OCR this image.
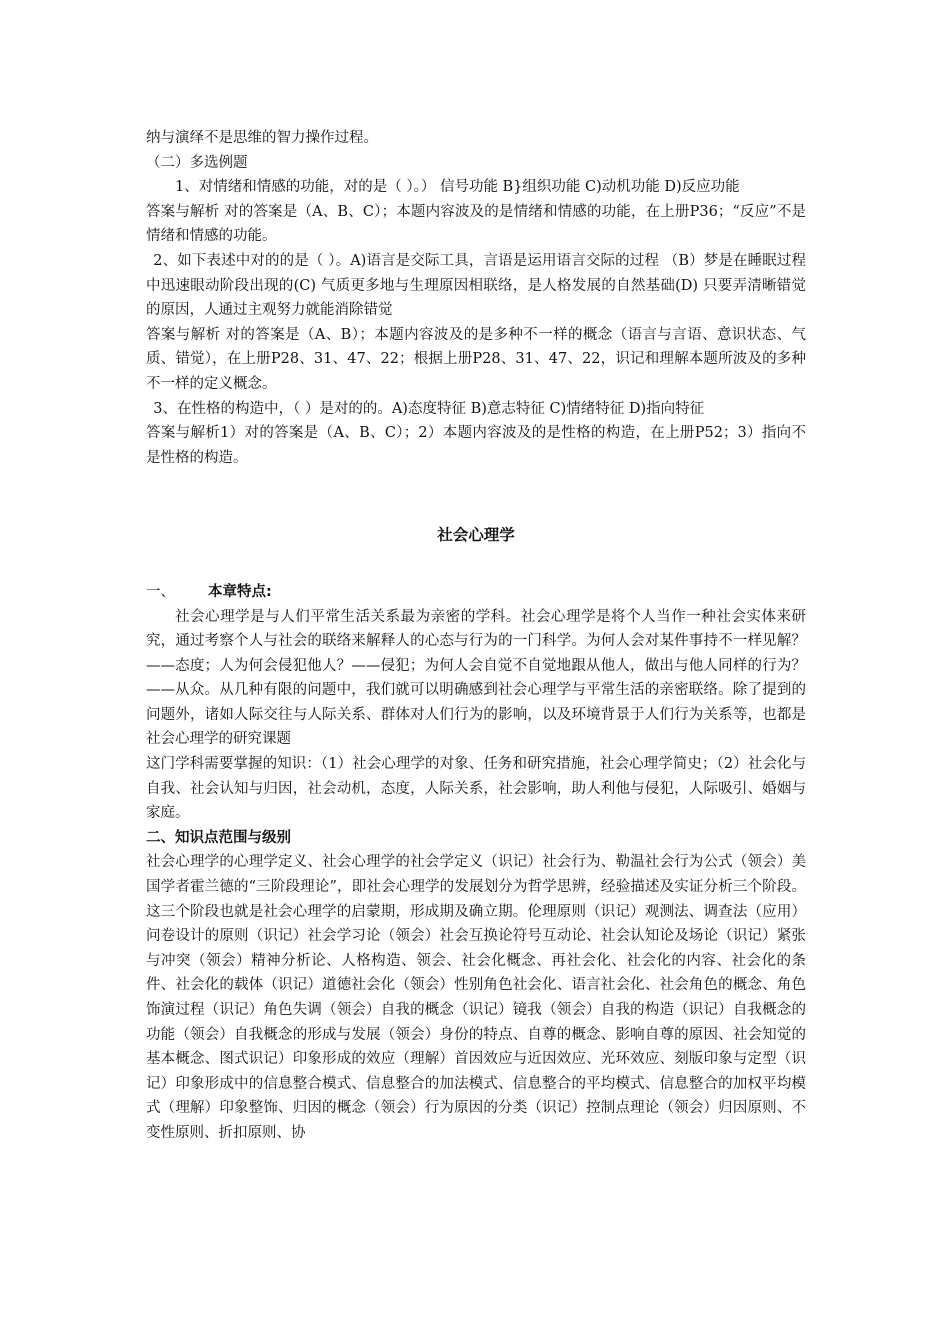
纳与演绎不是思维的智力操作过程。

（二）多选例题

1、对情绪和情感的功能，对的是（ ）。） 信号功能 B}组织功能 C)动机功能 D)反应功能

答案与解析 对的答案是（A、B、C）；本题内容波及的是情绪和情感的功能，在上册P36；“反应”不是情绪和情感的功能。

2、如下表述中对的的是（ ）。A)语言是交际工具，言语是运用语言交际的过程 （B）梦是在睡眠过程中迅速眼动阶段出现的(C) 气质更多地与生理原因相联络，是人格发展的自然基础(D) 只要弄清晰错觉的原因，人通过主观努力就能消除错觉

答案与解析 对的答案是（A、B）；本题内容波及的是多种不一样的概念（语言与言语、意识状态、气质、错觉），在上册P28、31、47、22；根据上册P28、31、47、22，识记和理解本题所波及的多种不一样的定义概念。

3、在性格的构造中，（ ）是对的的。A)态度特征 B)意志特征 C)情绪特征 D)指向特征

答案与解析1）对的答案是（A、B、C）；2）本题内容波及的是性格的构造，在上册P52；3）指向不是性格的构造。

社会心理学

一、 本章特点:

社会心理学是与人们平常生活关系最为亲密的学科。社会心理学是将个人当作一种社会实体来研究，通过考察个人与社会的联络来解释人的心态与行为的一门科学。为何人会对某件事持不一样见解？——态度；人为何会侵犯他人？——侵犯；为何人会自觉不自觉地跟从他人，做出与他人同样的行为？——从众。从几种有限的问题中，我们就可以明确感到社会心理学与平常生活的亲密联络。除了提到的问题外，诸如人际交往与人际关系、群体对人们行为的影响，以及环境背景于人们行为关系等，也都是社会心理学的研究课题

这门学科需要掌握的知识：（1）社会心理学的对象、任务和研究措施，社会心理学简史；（2）社会化与自我、社会认知与归因，社会动机，态度，人际关系，社会影响，助人利他与侵犯，人际吸引、婚姻与家庭。

二、知识点范围与级别

社会心理学的心理学定义、社会心理学的社会学定义（识记）社会行为、勒温社会行为公式（领会）美国学者霍兰德的“三阶段理论”，即社会心理学的发展划分为哲学思辨，经验描述及实证分析三个阶段。这三个阶段也就是社会心理学的启蒙期，形成期及确立期。伦理原则（识记）观测法、调查法（应用）问卷设计的原则（识记）社会学习论（领会）社会互换论符号互动论、社会认知论及场论（识记）紧张与冲突（领会）精神分析论、人格构造、领会、社会化概念、再社会化、社会化的内容、社会化的条件、社会化的载体（识记）道德社会化（领会）性别角色社会化、语言社会化、社会角色的概念、角色饰演过程（识记）角色失调（领会）自我的概念（识记）镜我（领会）自我的构造（识记）自我概念的功能（领会）自我概念的形成与发展（领会）身份的特点、自尊的概念、影响自尊的原因、社会知觉的基本概念、图式识记）印象形成的效应（理解）首因效应与近因效应、光环效应、刻版印象与定型（识记）印象形成中的信息整合模式、信息整合的加法模式、信息整合的平均模式、信息整合的加权平均模式（理解）印象整饰、归因的概念（领会）行为原因的分类（识记）控制点理论（领会）归因原则、不变性原则、折扣原则、协
